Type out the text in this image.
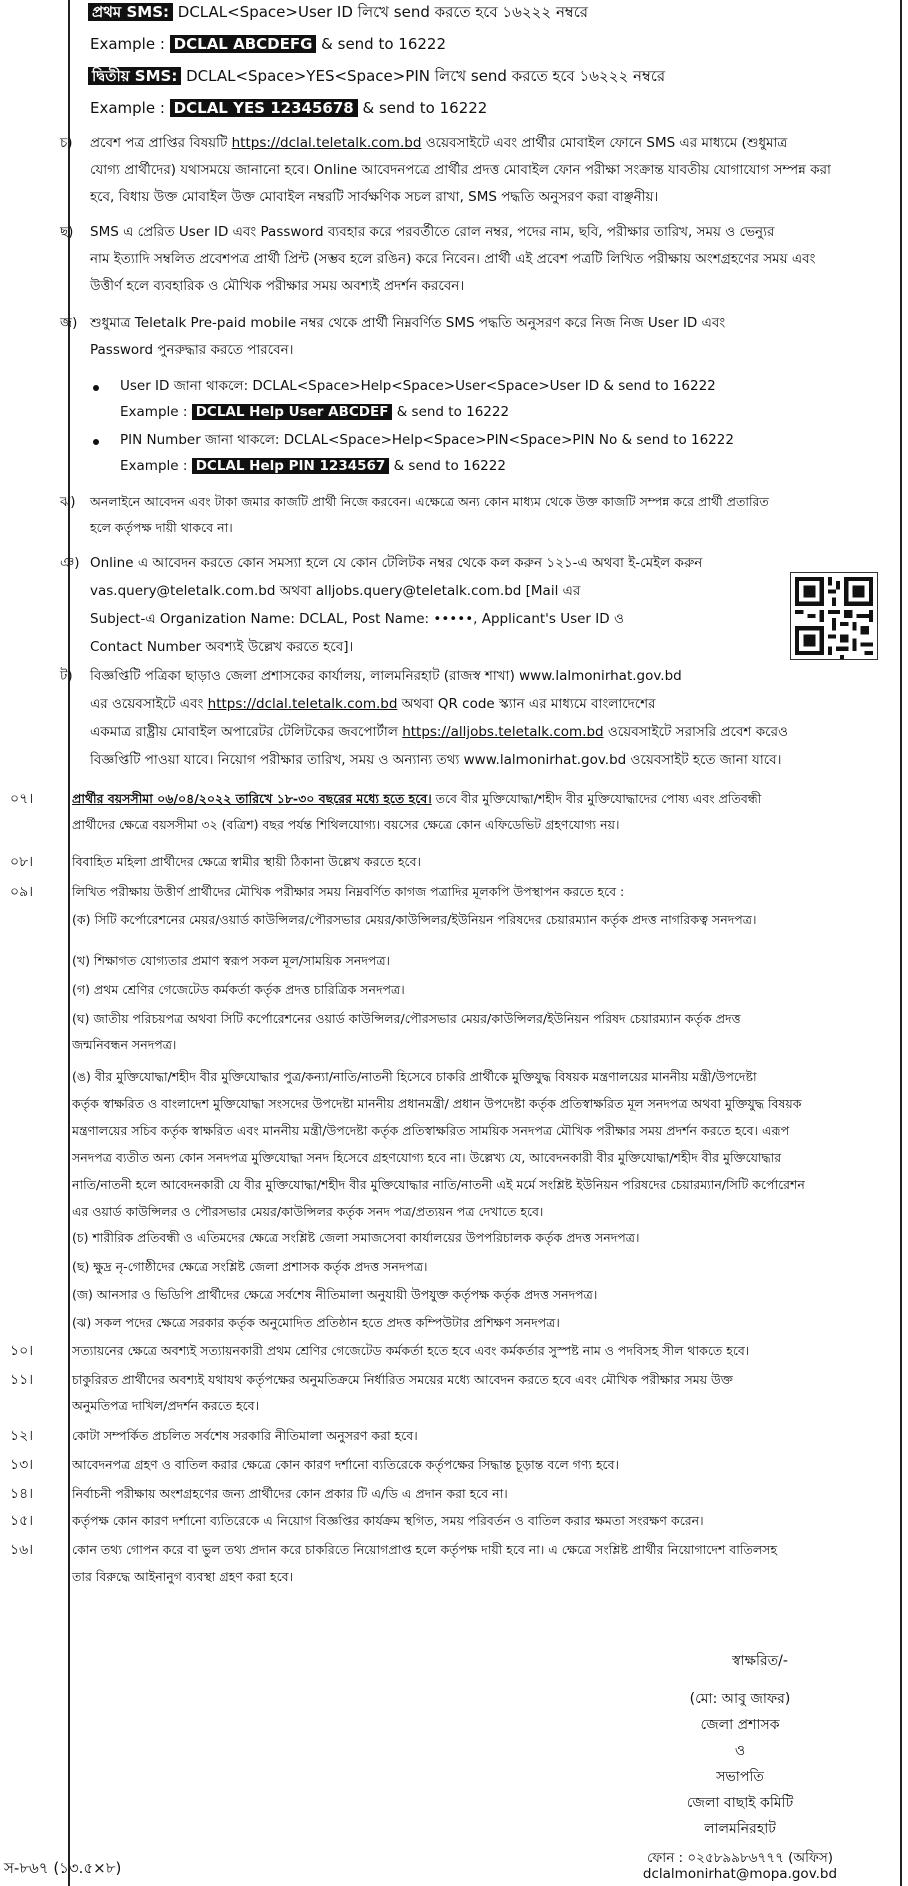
প্রথম SMS: DCLAL<Space>User ID লিখে send করতে হবে ১৬২২২ নম্বরে
Example : DCLAL ABCDEFG & send to 16222
দ্বিতীয় SMS: DCLAL<Space>YES<Space>PIN লিখে send করতে হবে ১৬২২২ নম্বরে
Example : DCLAL YES 12345678 & send to 16222
চ) প্রবেশ পত্র প্রাপ্তির বিষয়টি https://dclal.teletalk.com.bd ওয়েবসাইটে এবং প্রার্থীর মোবাইল ফোনে SMS এর মাধ্যমে (শুধুমাত্র
যোগ্য প্রার্থীদের) যথাসময়ে জানানো হবে। Online আবেদনপত্রে প্রার্থীর প্রদত্ত মোবাইল ফোন পরীক্ষা সংক্রান্ত যাবতীয় যোগাযোগ সম্পন্ন করা
হবে, বিধায় উক্ত মোবাইল উক্ত মোবাইল নম্বরটি সার্বক্ষণিক সচল রাখা, SMS পদ্ধতি অনুসরণ করা বাঞ্ছনীয়।
ছ) SMS এ প্রেরিত User ID এবং Password ব্যবহার করে পরবর্তীতে রোল নম্বর, পদের নাম, ছবি, পরীক্ষার তারিখ, সময় ও ভেন্যুর
নাম ইত্যাদি সম্বলিত প্রবেশপত্র প্রার্থী প্রিন্ট (সম্ভব হলে রঙিন) করে নিবেন। প্রার্থী এই প্রবেশ পত্রটি লিখিত পরীক্ষায় অংশগ্রহণের সময় এবং
উত্তীর্ণ হলে ব্যবহারিক ও মৌখিক পরীক্ষার সময় অবশ্যই প্রদর্শন করবেন।
জ) শুধুমাত্র Teletalk Pre-paid mobile নম্বর থেকে প্রার্থী নিম্নবর্ণিত SMS পদ্ধতি অনুসরণ করে নিজ নিজ User ID এবং
Password পুনরুদ্ধার করতে পারবেন।
User ID জানা থাকলে: DCLAL<Space>Help<Space>User<Space>User ID & send to 16222
Example : DCLAL Help User ABCDEF & send to 16222
PIN Number জানা থাকলে: DCLAL<Space>Help<Space>PIN<Space>PIN No & send to 16222
Example : DCLAL Help PIN 1234567 & send to 16222
ঝ) অনলাইনে আবেদন এবং টাকা জমার কাজটি প্রার্থী নিজে করবেন। এক্ষেত্রে অন্য কোন মাধ্যম থেকে উক্ত কাজটি সম্পন্ন করে প্রার্থী প্রতারিত
হলে কর্তৃপক্ষ দায়ী থাকবে না।
ঞ) Online এ আবেদন করতে কোন সমস্যা হলে যে কোন টেলিটক নম্বর থেকে কল করুন ১২১-এ অথবা ই-মেইল করুন
vas.query@teletalk.com.bd অথবা alljobs.query@teletalk.com.bd [Mail এর
Subject-এ Organization Name: DCLAL, Post Name: •••••, Applicant's User ID ও
Contact Number অবশ্যই উল্লেখ করতে হবে]।
ট) বিজ্ঞপ্তিটি পত্রিকা ছাড়াও জেলা প্রশাসকের কার্যালয়, লালমনিরহাট (রাজস্ব শাখা) www.lalmonirhat.gov.bd
এর ওয়েবসাইটে এবং https://dclal.teletalk.com.bd অথবা QR code স্ক্যান এর মাধ্যমে বাংলাদেশের
একমাত্র রাষ্ট্রীয় মোবাইল অপারেটর টেলিটকের জবপোর্টাল https://alljobs.teletalk.com.bd ওয়েবসাইটে সরাসরি প্রবেশ করেও
বিজ্ঞপ্তিটি পাওয়া যাবে। নিয়োগ পরীক্ষার তারিখ, সময় ও অন্যান্য তথ্য www.lalmonirhat.gov.bd ওয়েবসাইট হতে জানা যাবে।
০৭।	প্রার্থীর বয়সসীমা ০৬/০৪/২০২২ তারিখে ১৮-৩০ বছরের মধ্যে হতে হবে। তবে বীর মুক্তিযোদ্ধা/শহীদ বীর মুক্তিযোদ্ধাদের পোষ্য এবং প্রতিবন্ধী
প্রার্থীদের ক্ষেত্রে বয়সসীমা ৩২ (বত্রিশ) বছর পর্যন্ত শিথিলযোগ্য। বয়সের ক্ষেত্রে কোন এফিডেভিট গ্রহণযোগ্য নয়।
০৮।	বিবাহিত মহিলা প্রার্থীদের ক্ষেত্রে স্বামীর স্থায়ী ঠিকানা উল্লেখ করতে হবে।
০৯।	লিখিত পরীক্ষায় উত্তীর্ণ প্রার্থীদের মৌখিক পরীক্ষার সময় নিম্নবর্ণিত কাগজ পত্রাদির মূলকপি উপস্থাপন করতে হবে :
(ক) সিটি কর্পোরেশনের মেয়র/ওয়ার্ড কাউন্সিলর/পৌরসভার মেয়র/কাউন্সিলর/ইউনিয়ন পরিষদের চেয়ারম্যান কর্তৃক প্রদত্ত নাগরিকত্ব সনদপত্র।
(খ) শিক্ষাগত যোগ্যতার প্রমাণ স্বরূপ সকল মূল/সাময়িক সনদপত্র।
(গ) প্রথম শ্রেণির গেজেটেড কর্মকর্তা কর্তৃক প্রদত্ত চারিত্রিক সনদপত্র।
(ঘ) জাতীয় পরিচয়পত্র অথবা সিটি কর্পোরেশনের ওয়ার্ড কাউন্সিলর/পৌরসভার মেয়র/কাউন্সিলর/ইউনিয়ন পরিষদ চেয়ারম্যান কর্তৃক প্রদত্ত
জন্মনিবন্ধন সনদপত্র।
(ঙ) বীর মুক্তিযোদ্ধা/শহীদ বীর মুক্তিযোদ্ধার পুত্র/কন্যা/নাতি/নাতনী হিসেবে চাকরি প্রার্থীকে মুক্তিযুদ্ধ বিষয়ক মন্ত্রণালয়ের মাননীয় মন্ত্রী/উপদেষ্টা
কর্তৃক স্বাক্ষরিত ও বাংলাদেশ মুক্তিযোদ্ধা সংসদের উপদেষ্টা মাননীয় প্রধানমন্ত্রী/ প্রধান উপদেষ্টা কর্তৃক প্রতিস্বাক্ষরিত মূল সনদপত্র অথবা মুক্তিযুদ্ধ বিষয়ক
মন্ত্রণালয়ের সচিব কর্তৃক স্বাক্ষরিত এবং মাননীয় মন্ত্রী/উপদেষ্টা কর্তৃক প্রতিস্বাক্ষরিত সাময়িক সনদপত্র মৌখিক পরীক্ষার সময় প্রদর্শন করতে হবে। এরূপ
সনদপত্র ব্যতীত অন্য কোন সনদপত্র মুক্তিযোদ্ধা সনদ হিসেবে গ্রহণযোগ্য হবে না। উল্লেখ্য যে, আবেদনকারী বীর মুক্তিযোদ্ধা/শহীদ বীর মুক্তিযোদ্ধার
নাতি/নাতনী হলে আবেদনকারী যে বীর মুক্তিযোদ্ধা/শহীদ বীর মুক্তিযোদ্ধার নাতি/নাতনী এই মর্মে সংশ্লিষ্ট ইউনিয়ন পরিষদের চেয়ারম্যান/সিটি কর্পোরেশন
এর ওয়ার্ড কাউন্সিলর ও পৌরসভার মেয়র/কাউন্সিলর কর্তৃক সনদ পত্র/প্রত্যয়ন পত্র দেখাতে হবে।
(চ) শারীরিক প্রতিবন্ধী ও এতিমদের ক্ষেত্রে সংশ্লিষ্ট জেলা সমাজসেবা কার্যালয়ের উপপরিচালক কর্তৃক প্রদত্ত সনদপত্র।
(ছ) ক্ষুদ্র নৃ-গোষ্ঠীদের ক্ষেত্রে সংশ্লিষ্ট জেলা প্রশাসক কর্তৃক প্রদত্ত সনদপত্র।
(জ) আনসার ও ভিডিপি প্রার্থীদের ক্ষেত্রে সর্বশেষ নীতিমালা অনুযায়ী উপযুক্ত কর্তৃপক্ষ কর্তৃক প্রদত্ত সনদপত্র।
(ঝ) সকল পদের ক্ষেত্রে সরকার কর্তৃক অনুমোদিত প্রতিষ্ঠান হতে প্রদত্ত কম্পিউটার প্রশিক্ষণ সনদপত্র।
১০।	সত্যায়নের ক্ষেত্রে অবশ্যই সত্যায়নকারী প্রথম শ্রেণির গেজেটেড কর্মকর্তা হতে হবে এবং কর্মকর্তার সুস্পষ্ট নাম ও পদবিসহ সীল থাকতে হবে।
১১।	চাকুরিরত প্রার্থীদের অবশ্যই যথাযথ কর্তৃপক্ষের অনুমতিক্রমে নির্ধারিত সময়ের মধ্যে আবেদন করতে হবে এবং মৌখিক পরীক্ষার সময় উক্ত
অনুমতিপত্র দাখিল/প্রদর্শন করতে হবে।
১২।	কোটা সম্পর্কিত প্রচলিত সর্বশেষ সরকারি নীতিমালা অনুসরণ করা হবে।
১৩।	আবেদনপত্র গ্রহণ ও বাতিল করার ক্ষেত্রে কোন কারণ দর্শানো ব্যতিরেকে কর্তৃপক্ষের সিদ্ধান্ত চূড়ান্ত বলে গণ্য হবে।
১৪।	নির্বাচনী পরীক্ষায় অংশগ্রহণের জন্য প্রার্থীদের কোন প্রকার টি এ/ডি এ প্রদান করা হবে না।
১৫।	কর্তৃপক্ষ কোন কারণ দর্শানো ব্যতিরেকে এ নিয়োগ বিজ্ঞপ্তির কার্যক্রম স্থগিত, সময় পরিবর্তন ও বাতিল করার ক্ষমতা সংরক্ষণ করেন।
১৬।	কোন তথ্য গোপন করে বা ভুল তথ্য প্রদান করে চাকরিতে নিয়োগপ্রাপ্ত হলে কর্তৃপক্ষ দায়ী হবে না। এ ক্ষেত্রে সংশ্লিষ্ট প্রার্থীর নিয়োগাদেশ বাতিলসহ
তার বিরুদ্ধে আইনানুগ ব্যবস্থা গ্রহণ করা হবে।
স্বাক্ষরিত/-
(মো: আবু জাফর)
জেলা প্রশাসক
ও
সভাপতি
জেলা বাছাই কমিটি
লালমনিরহাট
ফোন : ০২৫৮৯৯৮৬৭৭৭ (অফিস)
dclalmonirhat@mopa.gov.bd
স-৮৬৭ (১৩.৫×৮)
